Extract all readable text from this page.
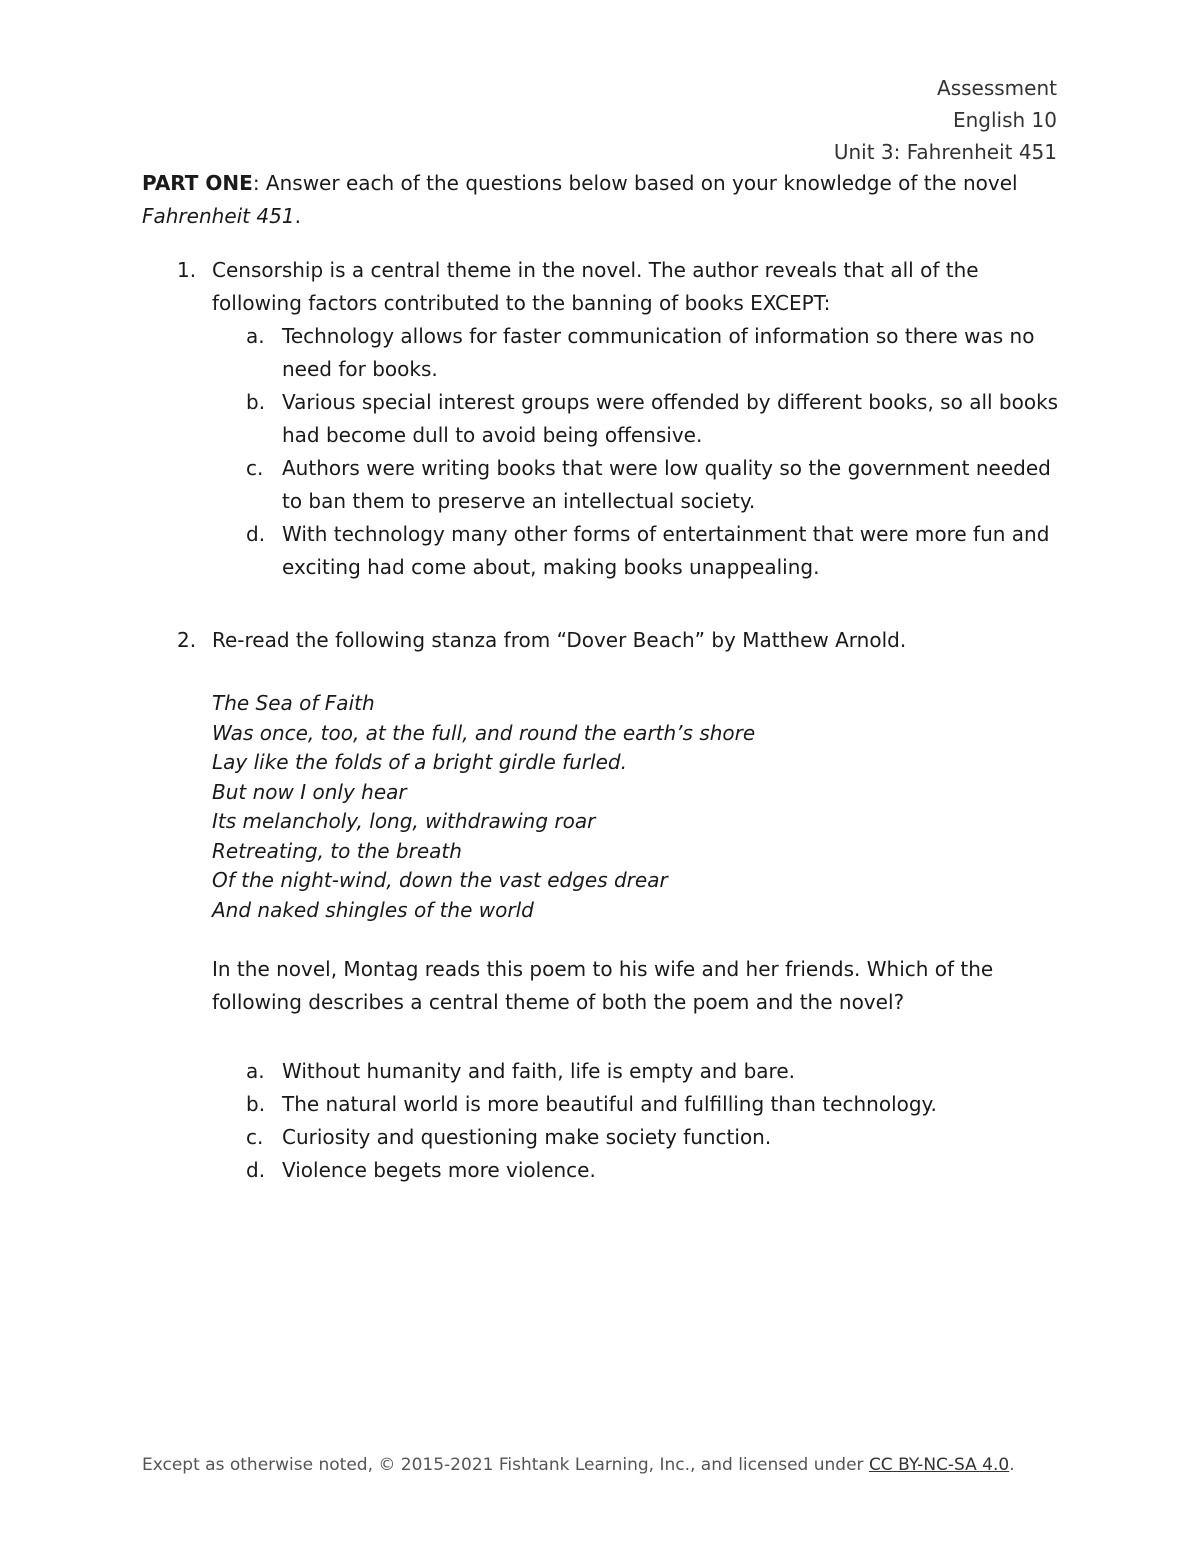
Assessment
English 10
Unit 3: Fahrenheit 451
PART ONE: Answer each of the questions below based on your knowledge of the novel Fahrenheit 451.
1. Censorship is a central theme in the novel. The author reveals that all of the following factors contributed to the banning of books EXCEPT:
a. Technology allows for faster communication of information so there was no need for books.
b. Various special interest groups were offended by different books, so all books had become dull to avoid being offensive.
c. Authors were writing books that were low quality so the government needed to ban them to preserve an intellectual society.
d. With technology many other forms of entertainment that were more fun and exciting had come about, making books unappealing.
2. Re-read the following stanza from “Dover Beach” by Matthew Arnold.
The Sea of Faith
Was once, too, at the full, and round the earth’s shore
Lay like the folds of a bright girdle furled.
But now I only hear
Its melancholy, long, withdrawing roar
Retreating, to the breath
Of the night-wind, down the vast edges drear
And naked shingles of the world
In the novel, Montag reads this poem to his wife and her friends. Which of the following describes a central theme of both the poem and the novel?
a. Without humanity and faith, life is empty and bare.
b. The natural world is more beautiful and fulfilling than technology.
c. Curiosity and questioning make society function.
d. Violence begets more violence.
Except as otherwise noted, © 2015-2021 Fishtank Learning, Inc., and licensed under CC BY-NC-SA 4.0.
